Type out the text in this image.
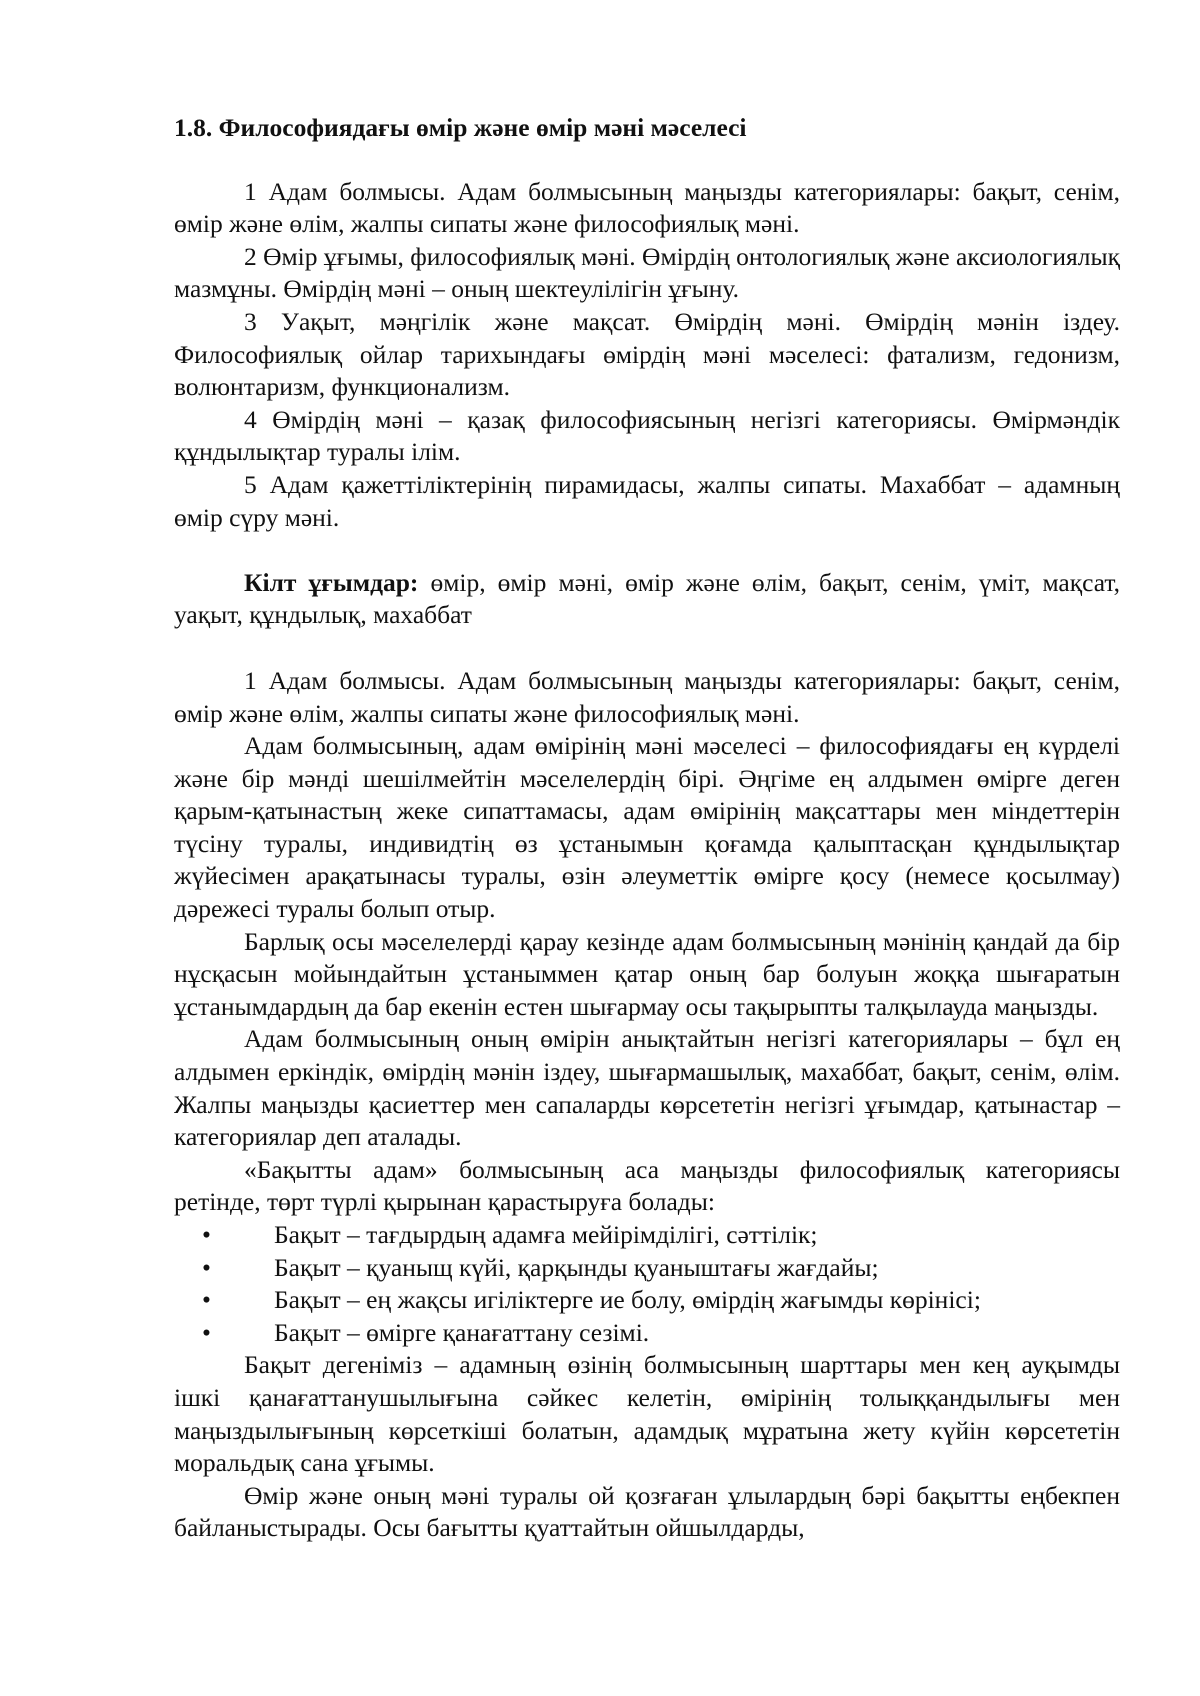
1.8. Философиядағы өмір және өмір мәні мәселесі

1 Адам болмысы. Адам болмысының маңызды категориялары: бақыт, сенім, өмір және өлім, жалпы сипаты және философиялық мәні.

2 Өмір ұғымы, философиялық мәні. Өмірдің онтологиялық және аксиологиялық мазмұны. Өмірдің мәні – оның шектеулілігін ұғыну.

3 Уақыт, мәңгілік және мақсат. Өмірдің мәні. Өмірдің мәнін іздеу. Философиялық ойлар тарихындағы өмірдің мәні мәселесі: фатализм, гедонизм, волюнтаризм, функционализм.

4 Өмірдің мәні – қазақ философиясының негізгі категориясы. Өмірмәндік құндылықтар туралы ілім.

5 Адам қажеттіліктерінің пирамидасы, жалпы сипаты. Махаббат – адамның өмір сүру мәні.

Кілт ұғымдар: өмір, өмір мәні, өмір және өлім, бақыт, сенім, үміт, мақсат, уақыт, құндылық, махаббат

1 Адам болмысы. Адам болмысының маңызды категориялары: бақыт, сенім, өмір және өлім, жалпы сипаты және философиялық мәні.

Адам болмысының, адам өмірінің мәні мәселесі – философиядағы ең күрделі және бір мәнді шешілмейтін мәселелердің бірі. Әңгіме ең алдымен өмірге деген қарым-қатынастың жеке сипаттамасы, адам өмірінің мақсаттары мен міндеттерін түсіну туралы, индивидтің өз ұстанымын қоғамда қалыптасқан құндылықтар жүйесімен арақатынасы туралы, өзін әлеуметтік өмірге қосу (немесе қосылмау) дәрежесі туралы болып отыр.

Барлық осы мәселелерді қарау кезінде адам болмысының мәнінің қандай да бір нұсқасын мойындайтын ұстаныммен қатар оның бар болуын жоққа шығаратын ұстанымдардың да бар екенін естен шығармау осы тақырыпты талқылауда маңызды.

Адам болмысының оның өмірін анықтайтын негізгі категориялары – бұл ең алдымен еркіндік, өмірдің мәнін іздеу, шығармашылық, махаббат, бақыт, сенім, өлім. Жалпы маңызды қасиеттер мен сапаларды көрсететін негізгі ұғымдар, қатынастар – категориялар деп аталады.

«Бақытты адам» болмысының аса маңызды философиялық категориясы ретінде, төрт түрлі қырынан қарастыруға болады:

• Бақыт – тағдырдың адамға мейірімділігі, сәттілік;
• Бақыт – қуаныщ күйі, қарқынды қуаныштағы жағдайы;
• Бақыт – ең жақсы игіліктерге ие болу, өмірдің жағымды көрінісі;
• Бақыт – өмірге қанағаттану сезімі.

Бақыт дегеніміз – адамның өзінің болмысының шарттары мен кең ауқымды ішкі қанағаттанушылығына сәйкес келетін, өмірінің толыққандылығы мен маңыздылығының көрсеткіші болатын, адамдық мұратына жету күйін көрсететін моральдық сана ұғымы.

Өмір және оның мәні туралы ой қозғаған ұлылардың бәрі бақытты еңбекпен байланыстырады. Осы бағытты қуаттайтын ойшылдарды,
